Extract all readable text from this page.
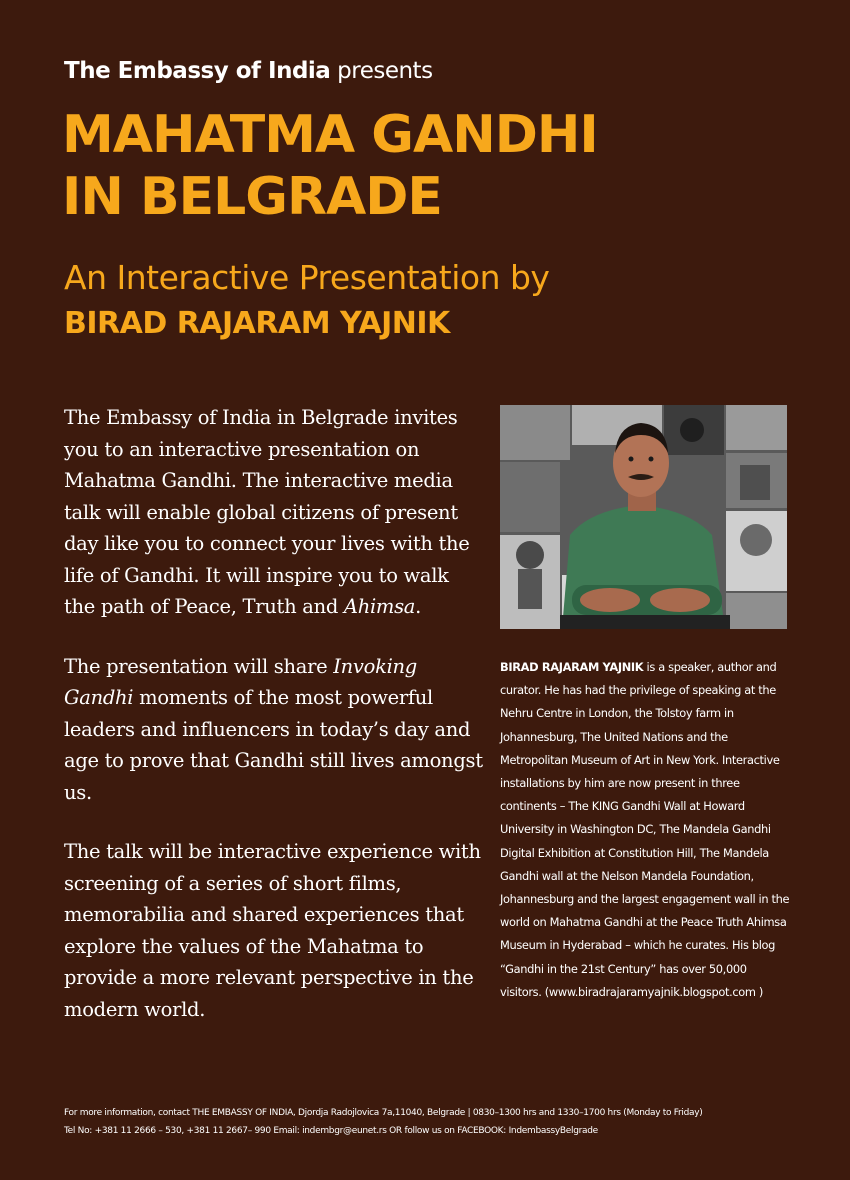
The Embassy of India presents
MAHATMA GANDHI
IN BELGRADE
An Interactive Presentation by
BIRAD RAJARAM YAJNIK

The Embassy of India in Belgrade invites you to an interactive presentation on Mahatma Gandhi. The interactive media talk will enable global citizens of present day like you to connect your lives with the life of Gandhi. It will inspire you to walk the path of Peace, Truth and Ahimsa.

The presentation will share Invoking Gandhi moments of the most powerful leaders and influencers in today’s day and age to prove that Gandhi still lives amongst us.

The talk will be interactive experience with screening of a series of short films, memorabilia and shared experiences that explore the values of the Mahatma to provide a more relevant perspective in the modern world.

BIRAD RAJARAM YAJNIK is a speaker, author and curator. He has had the privilege of speaking at the Nehru Centre in London, the Tolstoy farm in Johannesburg, The United Nations and the Metropolitan Museum of Art in New York. Interactive installations by him are now present in three continents – The KING Gandhi Wall at Howard University in Washington DC, The Mandela Gandhi Digital Exhibition at Constitution Hill, The Mandela Gandhi wall at the Nelson Mandela Foundation, Johannesburg and the largest engagement wall in the world on Mahatma Gandhi at the Peace Truth Ahimsa Museum in Hyderabad – which he curates. His blog “Gandhi in the 21st Century” has over 50,000 visitors. (www.biradrajaramyajnik.blogspot.com )
For more information, contact THE EMBASSY OF INDIA, Djordja Radojlovica 7a,11040, Belgrade | 0830–1300 hrs and 1330–1700 hrs (Monday to Friday)
Tel No: +381 11 2666 – 530, +381 11 2667– 990 Email: indembgr@eunet.rs OR follow us on FACEBOOK: IndembassyBelgrade
